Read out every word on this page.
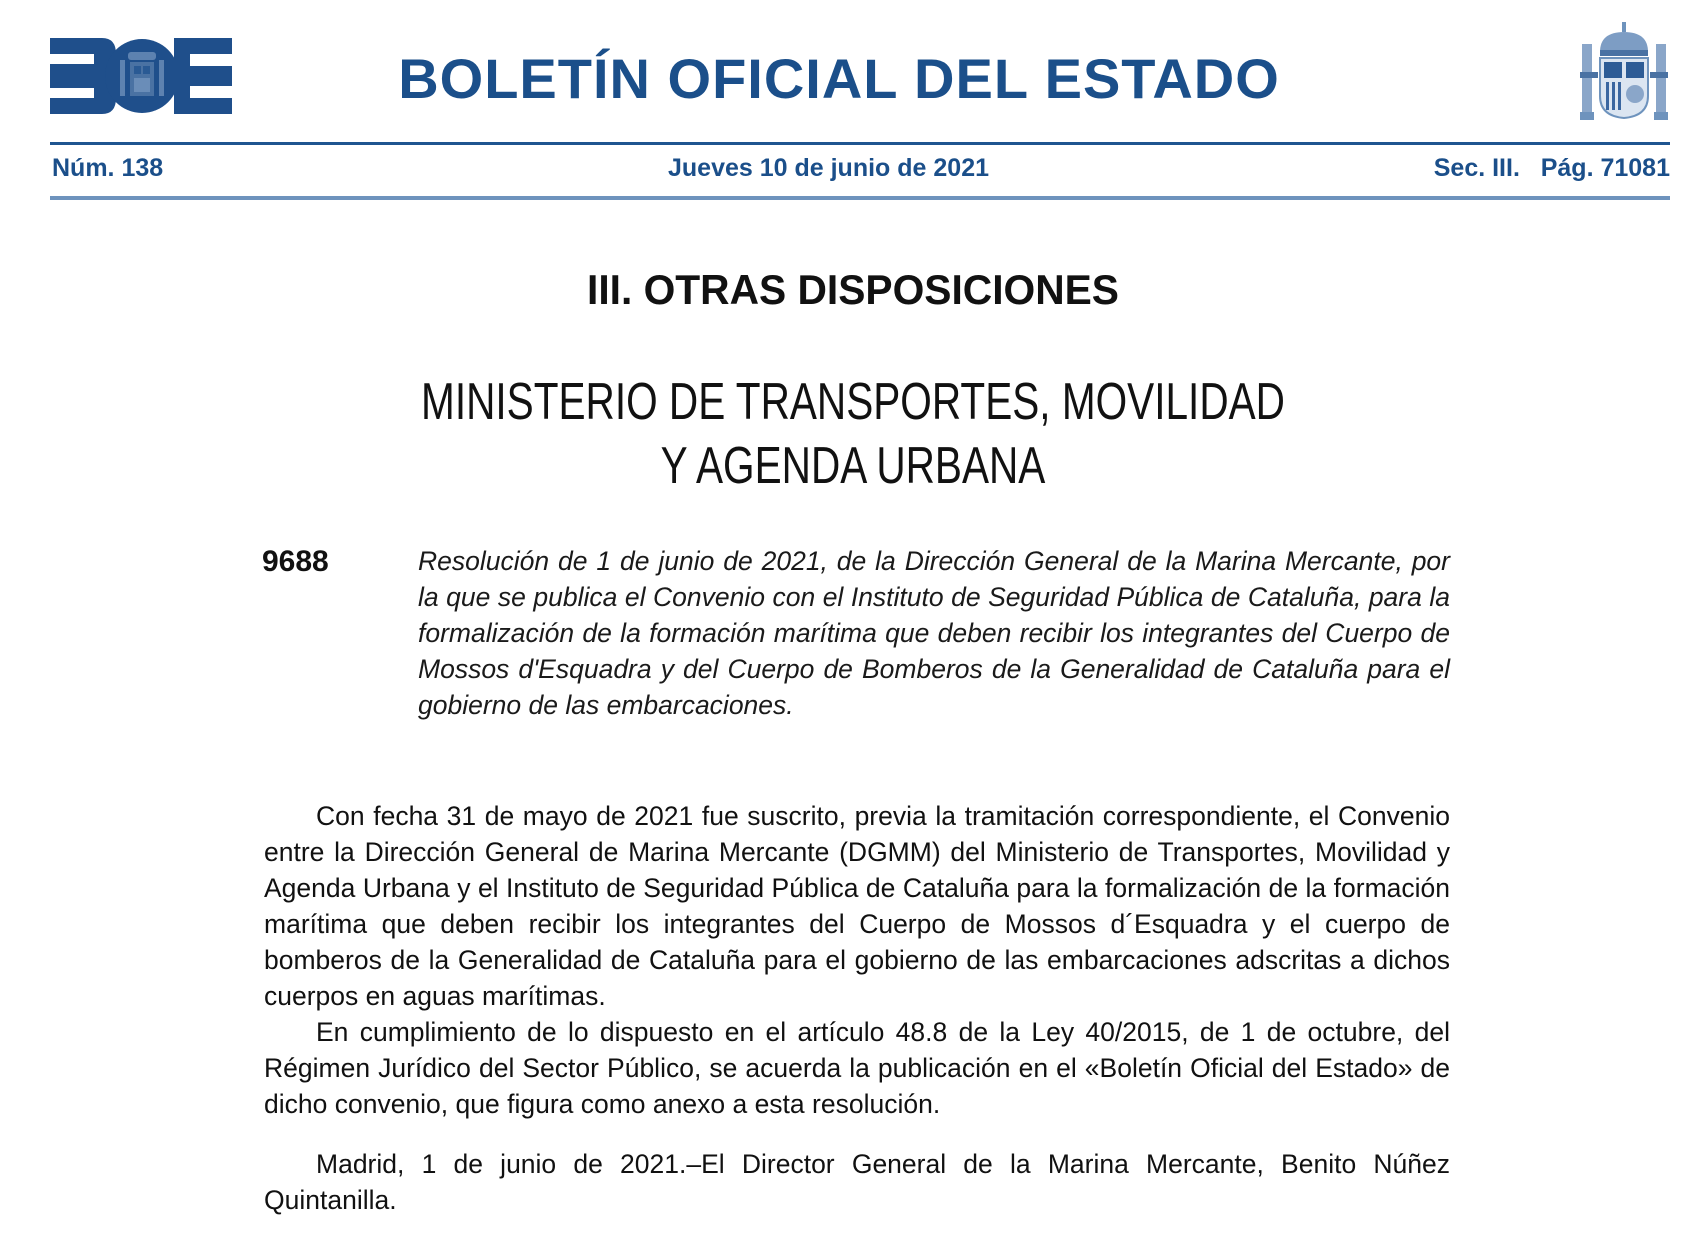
BOLETÍN OFICIAL DEL ESTADO
Núm. 138	Jueves 10 de junio de 2021	Sec. III.   Pág. 71081
III. OTRAS DISPOSICIONES
MINISTERIO DE TRANSPORTES, MOVILIDAD
Y AGENDA URBANA
9688	Resolución de 1 de junio de 2021, de la Dirección General de la Marina Mercante, por la que se publica el Convenio con el Instituto de Seguridad Pública de Cataluña, para la formalización de la formación marítima que deben recibir los integrantes del Cuerpo de Mossos d'Esquadra y del Cuerpo de Bomberos de la Generalidad de Cataluña para el gobierno de las embarcaciones.

Con fecha 31 de mayo de 2021 fue suscrito, previa la tramitación correspondiente, el Convenio entre la Dirección General de Marina Mercante (DGMM) del Ministerio de Transportes, Movilidad y Agenda Urbana y el Instituto de Seguridad Pública de Cataluña para la formalización de la formación marítima que deben recibir los integrantes del Cuerpo de Mossos d´Esquadra y el cuerpo de bomberos de la Generalidad de Cataluña para el gobierno de las embarcaciones adscritas a dichos cuerpos en aguas marítimas.

En cumplimiento de lo dispuesto en el artículo 48.8 de la Ley 40/2015, de 1 de octubre, del Régimen Jurídico del Sector Público, se acuerda la publicación en el «Boletín Oficial del Estado» de dicho convenio, que figura como anexo a esta resolución.

Madrid, 1 de junio de 2021.–El Director General de la Marina Mercante, Benito Núñez Quintanilla.
